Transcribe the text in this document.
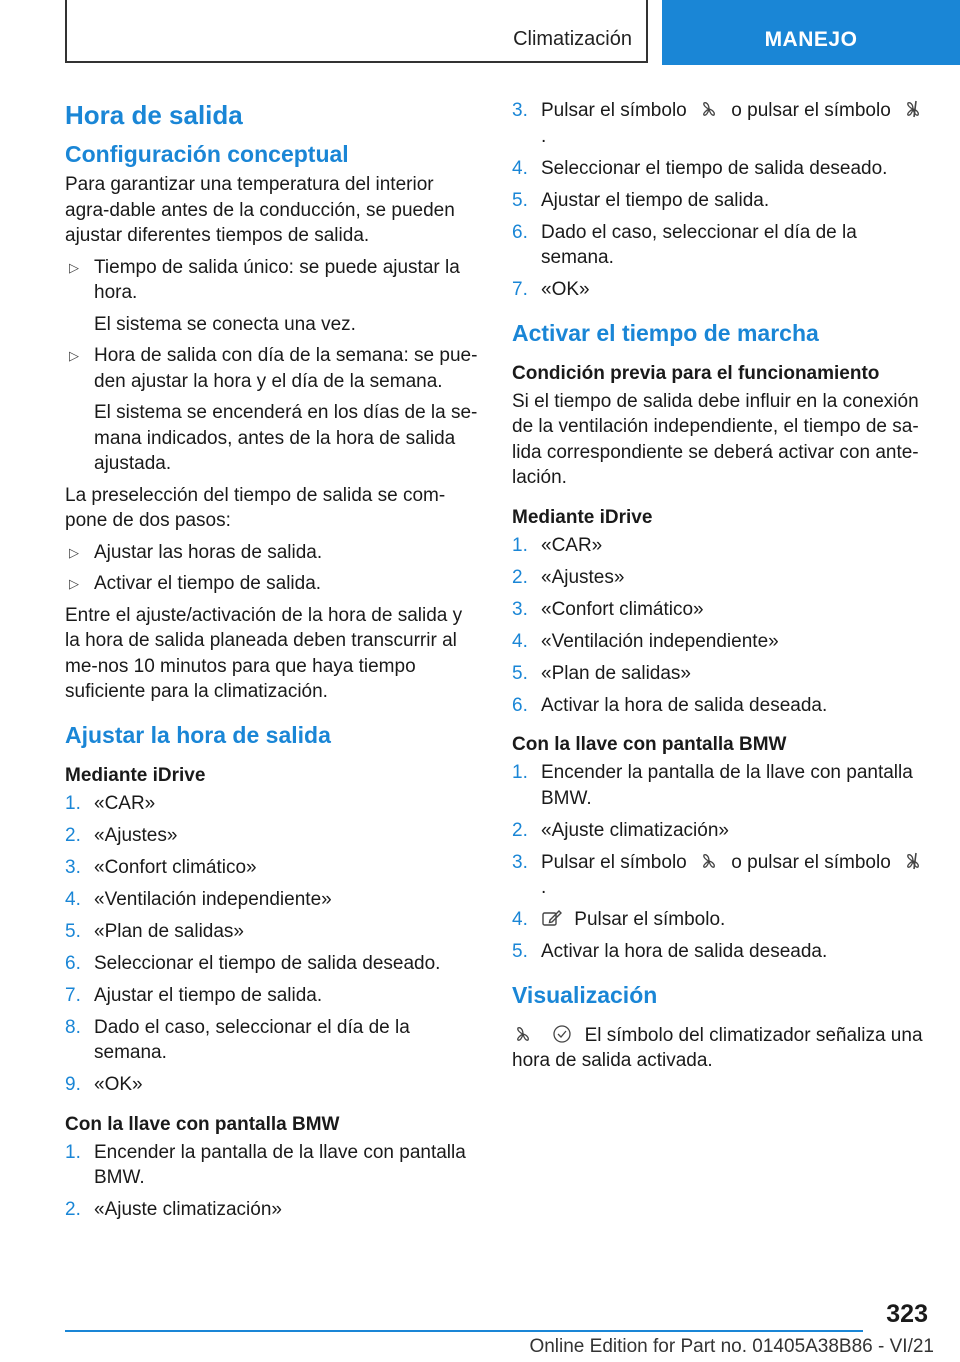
Climatización	MANEJO
Hora de salida
Configuración conceptual

Para garantizar una temperatura del interior agra-dable antes de la conducción, se pueden ajustar diferentes tiempos de salida.

▷ Tiempo de salida único: se puede ajustar la hora.
El sistema se conecta una vez.
▷ Hora de salida con día de la semana: se pue-den ajustar la hora y el día de la semana.
El sistema se encenderá en los días de la se-mana indicados, antes de la hora de salida ajustada.

La preselección del tiempo de salida se com-pone de dos pasos:

▷ Ajustar las horas de salida.
▷ Activar el tiempo de salida.

Entre el ajuste/activación de la hora de salida y la hora de salida planeada deben transcurrir al me-nos 10 minutos para que haya tiempo suficiente para la climatización.

Ajustar la hora de salida
Mediante iDrive
1. «CAR»
2. «Ajustes»
3. «Confort climático»
4. «Ventilación independiente»
5. «Plan de salidas»
6. Seleccionar el tiempo de salida deseado.
7. Ajustar el tiempo de salida.
8. Dado el caso, seleccionar el día de la semana.
9. «OK»
Con la llave con pantalla BMW
1. Encender la pantalla de la llave con pantalla BMW.
2. «Ajuste climatización»
3. Pulsar el símbolo o pulsar el símbolo  .
4. Seleccionar el tiempo de salida deseado.
5. Ajustar el tiempo de salida.
6. Dado el caso, seleccionar el día de la semana.
7. «OK»
Activar el tiempo de marcha
Condición previa para el funcionamiento

Si el tiempo de salida debe influir en la conexión de la ventilación independiente, el tiempo de sa-lida correspondiente se deberá activar con ante-lación.

Mediante iDrive
1. «CAR»
2. «Ajustes»
3. «Confort climático»
4. «Ventilación independiente»
5. «Plan de salidas»
6. Activar la hora de salida deseada.
Con la llave con pantalla BMW
1. Encender la pantalla de la llave con pantalla BMW.
2. «Ajuste climatización»
3. Pulsar el símbolo o pulsar el símbolo  .
4. Pulsar el símbolo.
5. Activar la hora de salida deseada.
Visualización

El símbolo del climatizador señaliza una hora de salida activada.

323
Online Edition for Part no. 01405A38B86 - VI/21
